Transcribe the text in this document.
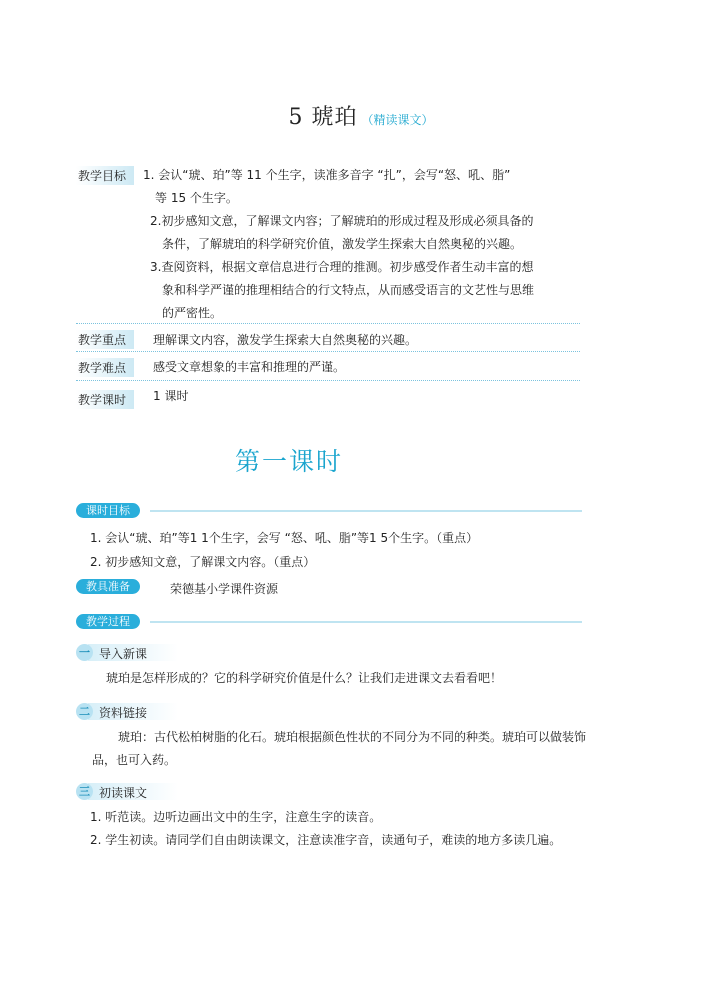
5 琥珀 （精读课文）
教学目标	1. 会认“琥、珀”等 11 个生字，读准多音字 “扎”，会写“怒、吼、脂”
等 15 个生字。
2.初步感知文意，了解课文内容；了解琥珀的形成过程及形成必须具备的
条件，了解琥珀的科学研究价值，激发学生探索大自然奥秘的兴趣。
3.查阅资料，根据文章信息进行合理的推测。初步感受作者生动丰富的想
象和科学严谨的推理相结合的行文特点，从而感受语言的文艺性与思维
的严密性。
教学重点	理解课文内容，激发学生探索大自然奥秘的兴趣。
教学难点	感受文章想象的丰富和推理的严谨。
教学课时	1 课时
第一课时
课时目标
1. 会认“琥、珀”等1 1个生字，会写 “怒、吼、脂”等1 5个生字。（重点）
2. 初步感知文意，了解课文内容。（重点）
教具准备	荣德基小学课件资源
教学过程
一 导入新课
琥珀是怎样形成的？它的科学研究价值是什么？让我们走进课文去看看吧！
二 资料链接
琥珀：古代松柏树脂的化石。琥珀根据颜色性状的不同分为不同的种类。琥珀可以做装饰
品，也可入药。
三 初读课文
1. 听范读。边听边画出文中的生字，注意生字的读音。
2. 学生初读。请同学们自由朗读课文，注意读准字音，读通句子，难读的地方多读几遍。
